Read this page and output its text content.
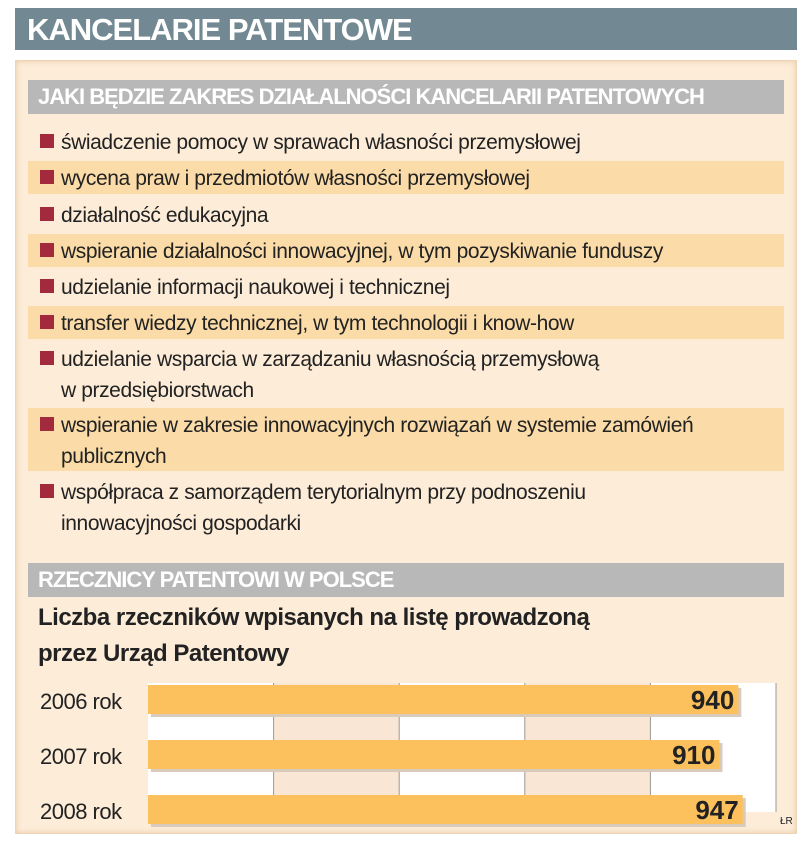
KANCELARIE PATENTOWE
JAKI BĘDZIE ZAKRES DZIAŁALNOŚCI KANCELARII PATENTOWYCH
świadczenie pomocy w sprawach własności przemysłowej
wycena praw i przedmiotów własności przemysłowej
działalność edukacyjna
wspieranie działalności innowacyjnej, w tym pozyskiwanie funduszy
udzielanie informacji naukowej i technicznej
transfer wiedzy technicznej, w tym technologii i know-how
udzielanie wsparcia w zarządzaniu własnością przemysłową
w przedsiębiorstwach
wspieranie w zakresie innowacyjnych rozwiązań w systemie zamówień
publicznych
współpraca z samorządem terytorialnym przy podnoszeniu
innowacyjności gospodarki
RZECZNICY PATENTOWI W POLSCE
Liczba rzeczników wpisanych na listę prowadzoną
przez Urząd Patentowy
940
2006 rok
910
2007 rok
947
2008 rok	ŁR
